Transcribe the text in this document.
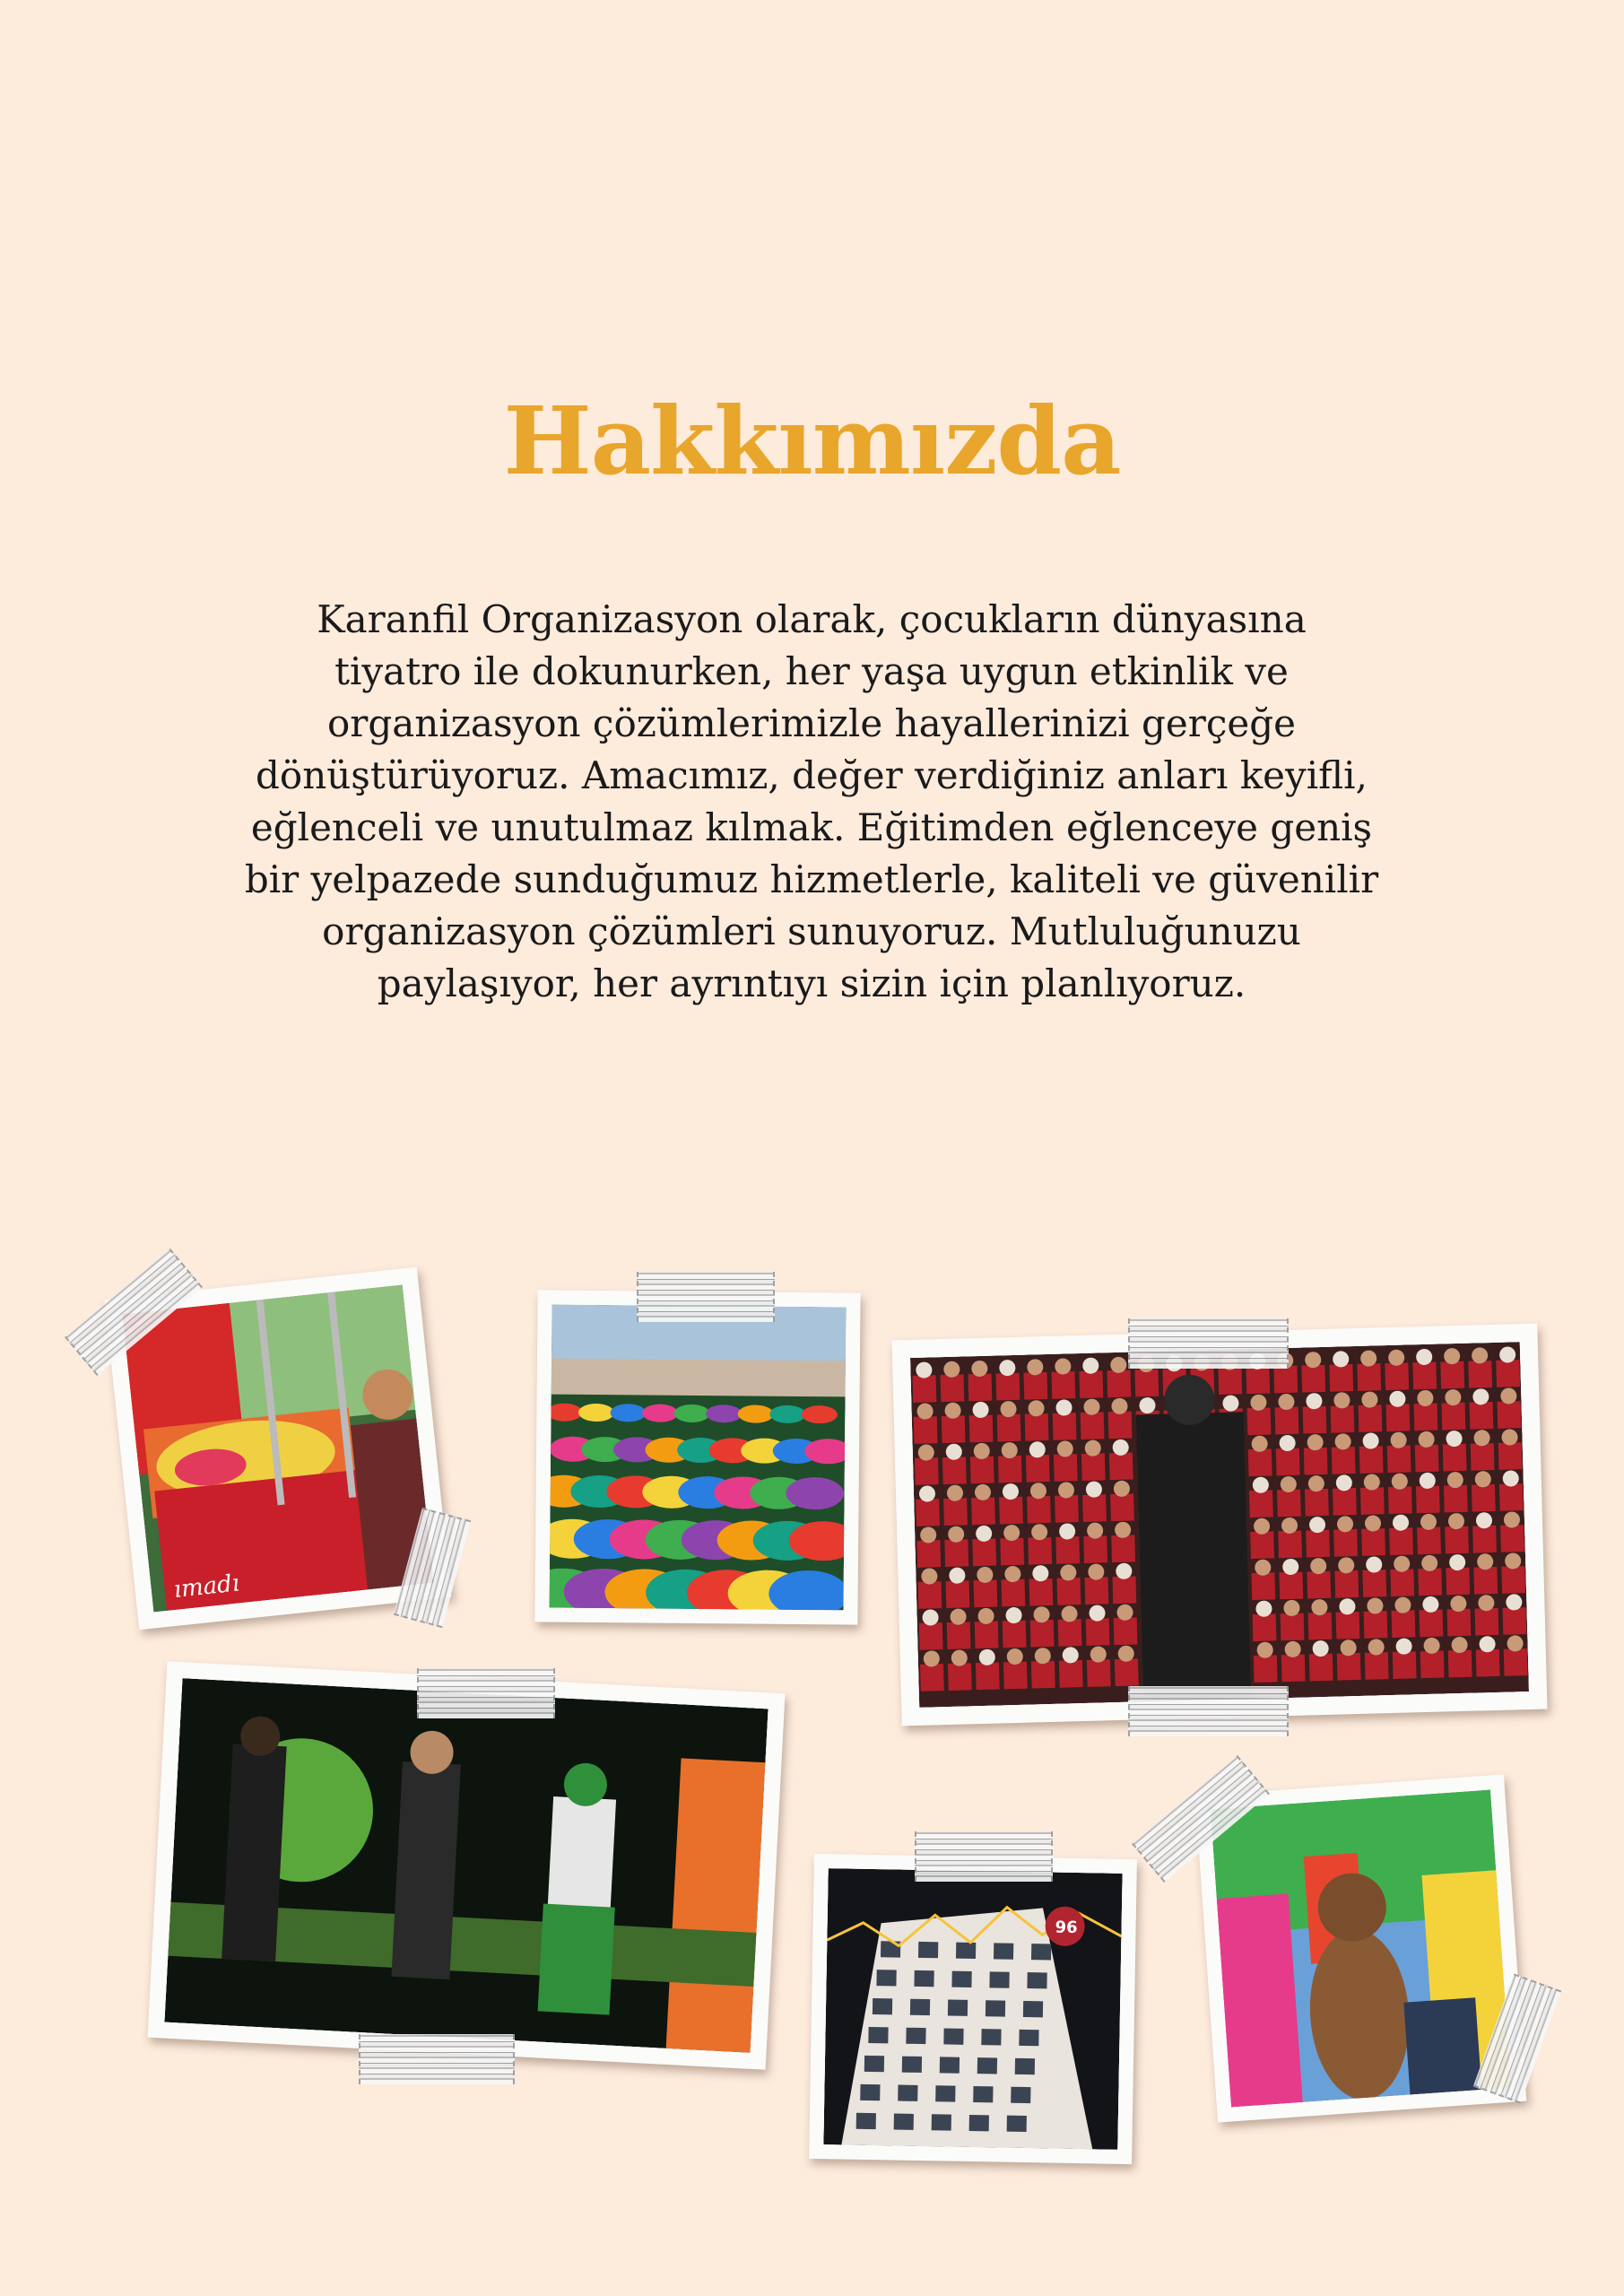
Hakkımızda
Karanfil Organizasyon olarak, çocukların dünyasına
tiyatro ile dokunurken, her yaşa uygun etkinlik ve
organizasyon çözümlerimizle hayallerinizi gerçeğe
dönüştürüyoruz. Amacımız, değer verdiğiniz anları keyifli,
eğlenceli ve unutulmaz kılmak. Eğitimden eğlenceye geniş
bir yelpazede sunduğumuz hizmetlerle, kaliteli ve güvenilir
organizasyon çözümleri sunuyoruz. Mutluluğunuzu
paylaşıyor, her ayrıntıyı sizin için planlıyoruz.
ımadı
96
